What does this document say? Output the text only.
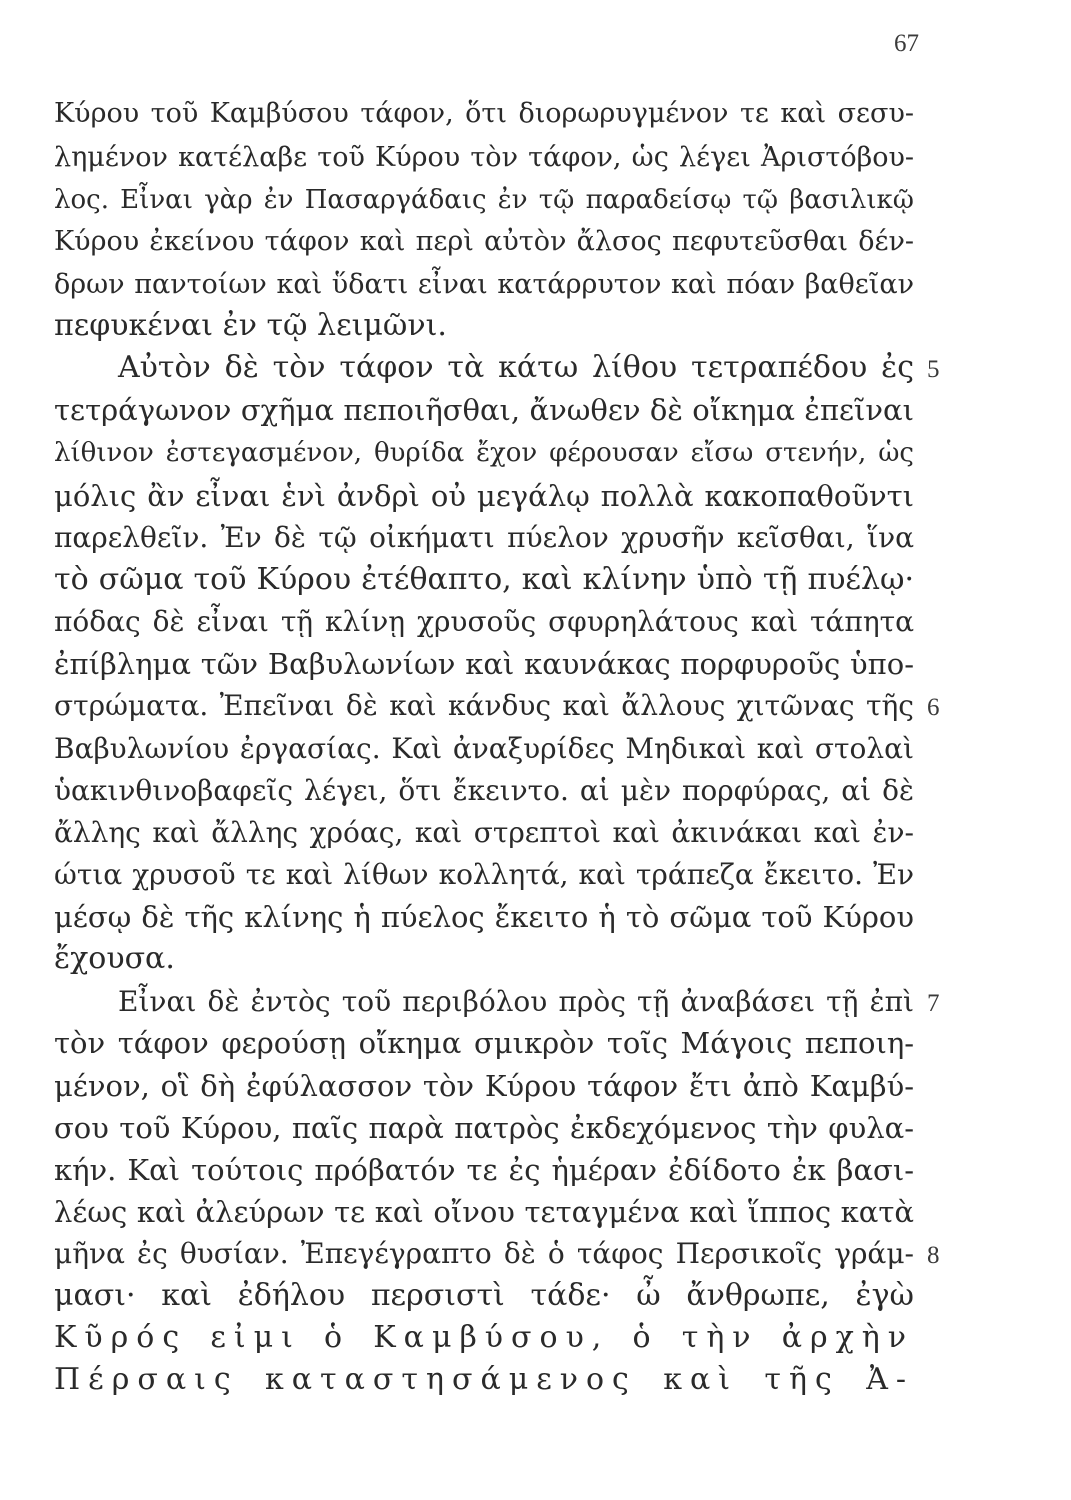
67
Κύρου τοῦ Καμβύσου τάφον, ὅτι διορωρυγμένον τε καὶ σεσυ-
λημένον κατέλαβε τοῦ Κύρου τὸν τάφον, ὡς λέγει Ἀριστόβου-
λος. Εἶναι γὰρ ἐν Πασαργάδαις ἐν τῷ παραδείσῳ τῷ βασιλικῷ
Κύρου ἐκείνου τάφον καὶ περὶ αὐτὸν ἄλσος πεφυτεῦσθαι δέν-
δρων παντοίων καὶ ὕδατι εἶναι κατάρρυτον καὶ πόαν βαθεῖαν
πεφυκέναι ἐν τῷ λειμῶνι.
Αὐτὸν δὲ τὸν τάφον τὰ κάτω λίθου τετραπέδου ἐς 5
τετράγωνον σχῆμα πεποιῆσθαι, ἄνωθεν δὲ οἴκημα ἐπεῖναι
λίθινον ἐστεγασμένον, θυρίδα ἔχον φέρουσαν εἴσω στενήν, ὡς
μόλις ἂν εἶναι ἑνὶ ἀνδρὶ οὐ μεγάλῳ πολλὰ κακοπαθοῦντι
παρελθεῖν. Ἐν δὲ τῷ οἰκήματι πύελον χρυσῆν κεῖσθαι, ἵνα
τὸ σῶμα τοῦ Κύρου ἐτέθαπτο, καὶ κλίνην ὑπὸ τῇ πυέλῳ·
πόδας δὲ εἶναι τῇ κλίνῃ χρυσοῦς σφυρηλάτους καὶ τάπητα
ἐπίβλημα τῶν Βαβυλωνίων καὶ καυνάκας πορφυροῦς ὑπο-
στρώματα. Ἐπεῖναι δὲ καὶ κάνδυς καὶ ἄλλους χιτῶνας τῆς 6
Βαβυλωνίου ἐργασίας. Καὶ ἀναξυρίδες Μηδικαὶ καὶ στολαὶ
ὑακινθινοβαφεῖς λέγει, ὅτι ἔκειντο. αἱ μὲν πορφύρας, αἱ δὲ
ἄλλης καὶ ἄλλης χρόας, καὶ στρεπτοὶ καὶ ἀκινάκαι καὶ ἐν-
ώτια χρυσοῦ τε καὶ λίθων κολλητά, καὶ τράπεζα ἔκειτο. Ἐν
μέσῳ δὲ τῆς κλίνης ἡ πύελος ἔκειτο ἡ τὸ σῶμα τοῦ Κύρου
ἔχουσα.
Εἶναι δὲ ἐντὸς τοῦ περιβόλου πρὸς τῇ ἀναβάσει τῇ ἐπὶ 7
τὸν τάφον φερούσῃ οἴκημα σμικρὸν τοῖς Μάγοις πεποιη-
μένον, οἳ δὴ ἐφύλασσον τὸν Κύρου τάφον ἔτι ἀπὸ Καμβύ-
σου τοῦ Κύρου, παῖς παρὰ πατρὸς ἐκδεχόμενος τὴν φυλα-
κήν. Καὶ τούτοις πρόβατόν τε ἐς ἡμέραν ἐδίδοτο ἐκ βασι-
λέως καὶ ἀλεύρων τε καὶ οἴνου τεταγμένα καὶ ἵππος κατὰ
μῆνα ἐς θυσίαν. Ἐπεγέγραπτο δὲ ὁ τάφος Περσικοῖς γράμ- 8
μασι· καὶ ἐδήλου περσιστὶ τάδε· ὦ ἄνθρωπε, ἐγὼ
Κῦρός εἰμι ὁ Καμβύσου, ὁ τὴν ἀρχὴν
Πέρσαις καταστησάμενος καὶ τῆς Ἀ-
